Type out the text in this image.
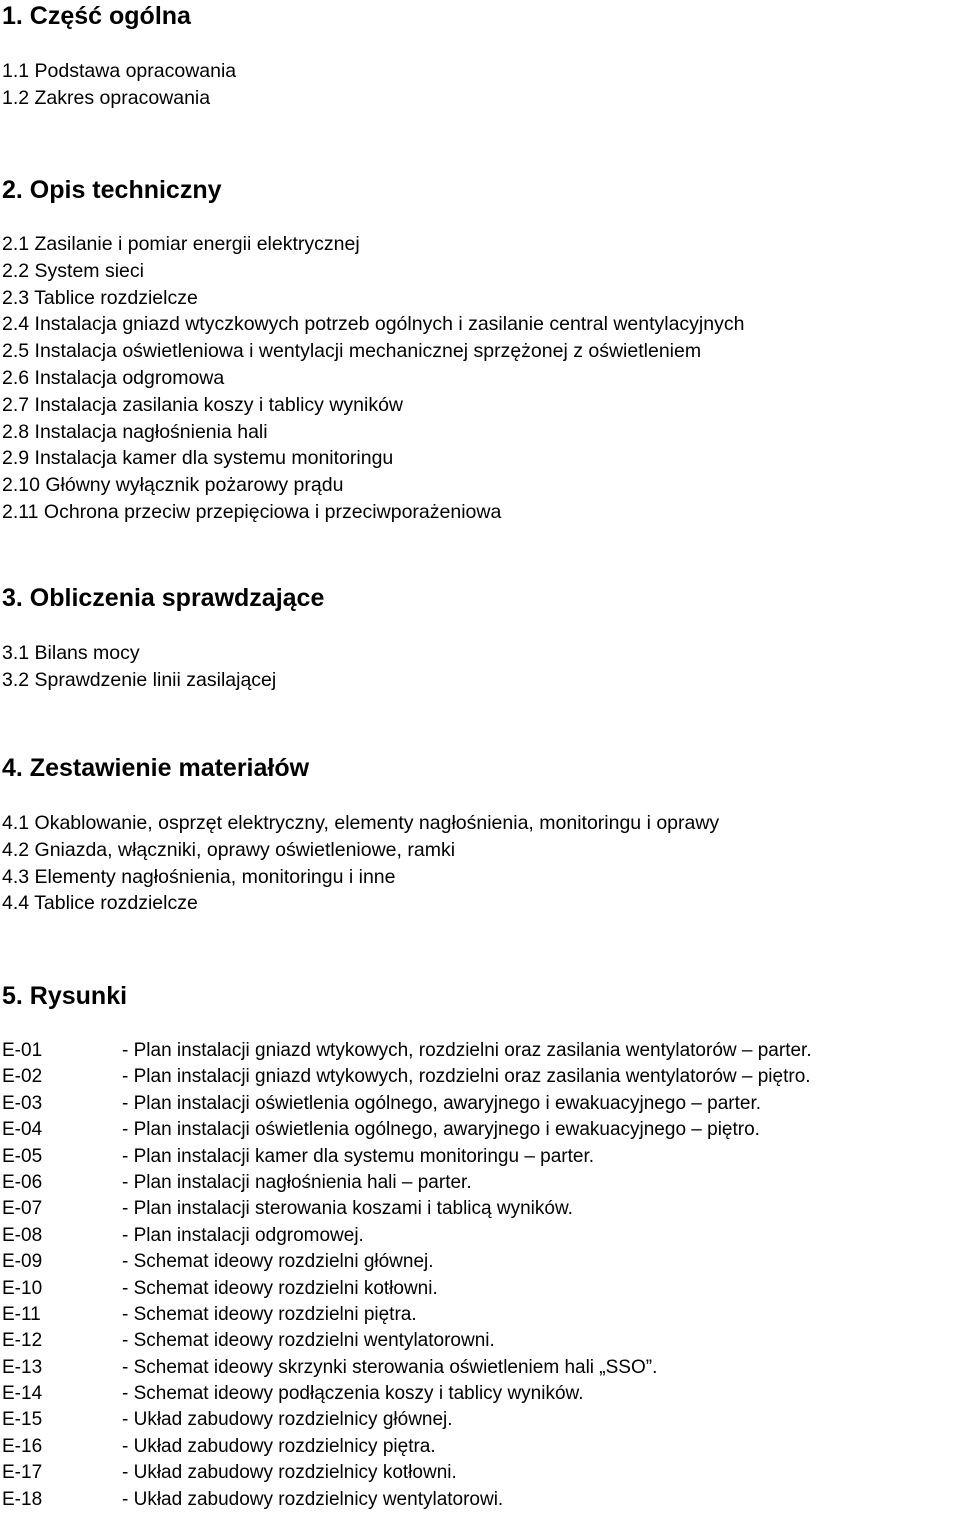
1. Część ogólna
1.1 Podstawa opracowania
1.2 Zakres opracowania
2. Opis techniczny
2.1 Zasilanie i pomiar energii elektrycznej
2.2 System sieci
2.3 Tablice rozdzielcze
2.4 Instalacja gniazd wtyczkowych potrzeb ogólnych i zasilanie central wentylacyjnych
2.5 Instalacja oświetleniowa i wentylacji mechanicznej sprzężonej z oświetleniem
2.6 Instalacja odgromowa
2.7 Instalacja zasilania koszy i tablicy wyników
2.8 Instalacja nagłośnienia hali
2.9 Instalacja kamer dla systemu monitoringu
2.10 Główny wyłącznik pożarowy prądu
2.11 Ochrona przeciw przepięciowa i przeciwporażeniowa
3. Obliczenia sprawdzające
3.1 Bilans mocy
3.2 Sprawdzenie linii zasilającej
4. Zestawienie materiałów
4.1 Okablowanie, osprzęt elektryczny, elementy nagłośnienia, monitoringu i oprawy
4.2 Gniazda, włączniki, oprawy oświetleniowe, ramki
4.3 Elementy nagłośnienia, monitoringu i inne
4.4 Tablice rozdzielcze
5. Rysunki
E-01	- Plan instalacji gniazd wtykowych, rozdzielni oraz zasilania wentylatorów – parter.
E-02	- Plan instalacji gniazd wtykowych, rozdzielni oraz zasilania wentylatorów – piętro.
E-03	- Plan instalacji oświetlenia ogólnego, awaryjnego i ewakuacyjnego – parter.
E-04	- Plan instalacji oświetlenia ogólnego, awaryjnego i ewakuacyjnego – piętro.
E-05	- Plan instalacji kamer dla systemu monitoringu – parter.
E-06	- Plan instalacji nagłośnienia hali – parter.
E-07	- Plan instalacji sterowania koszami i tablicą wyników.
E-08	- Plan instalacji odgromowej.
E-09	- Schemat ideowy rozdzielni głównej.
E-10	- Schemat ideowy rozdzielni kotłowni.
E-11	- Schemat ideowy rozdzielni piętra.
E-12	- Schemat ideowy rozdzielni wentylatorowni.
E-13	- Schemat ideowy skrzynki sterowania oświetleniem hali „SSO”.
E-14	- Schemat ideowy podłączenia koszy i tablicy wyników.
E-15	- Układ zabudowy rozdzielnicy głównej.
E-16	- Układ zabudowy rozdzielnicy piętra.
E-17	- Układ zabudowy rozdzielnicy kotłowni.
E-18	- Układ zabudowy rozdzielnicy wentylatorowi.
